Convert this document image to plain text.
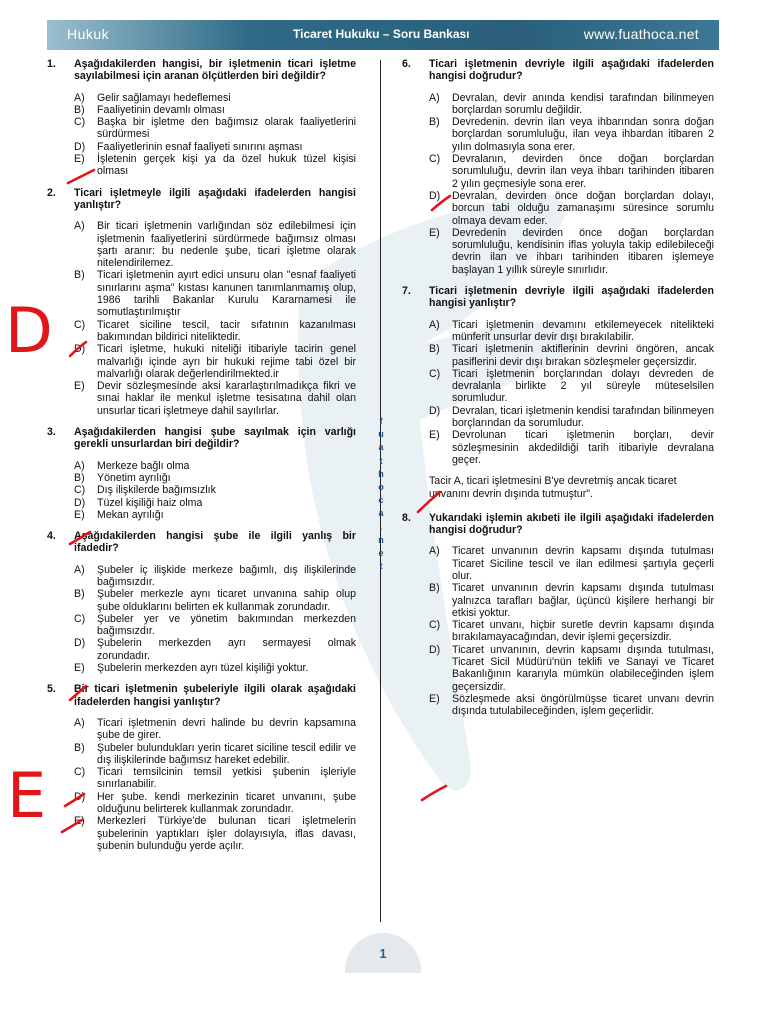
Hukuk	Ticaret Hukuku – Soru Bankası	www.fuathoca.net
1.	Aşağıdakilerden hangisi, bir işletmenin ticari işletme sayılabilmesi için aranan ölçütlerden biri değildir?
A)	Gelir sağlamayı hedeflemesi
B)	Faaliyetinin devamlı olması
C)	Başka bir işletme den bağımsız olarak faaliyetlerini sürdürmesi
D)	Faaliyetlerinin esnaf faaliyeti sınırını aşması
E)	İşletenin gerçek kişi ya da özel hukuk tüzel kişisi olması
2.	Ticari işletmeyle ilgili aşağıdaki ifadelerden hangisi yanlıştır?
A)	Bir ticari işletmenin varlığından söz edilebilmesi için işletmenin faaliyetlerini sürdürmede bağımsız olması şartı aranır: bu nedenle şube, ticari işletme olarak nitelendirilemez.
B)	Ticari işletmenin ayırt edici unsuru olan "esnaf faaliyeti sınırlarını aşma" kıstası kanunen tanımlanmamış olup, 1986 tarihli Bakanlar Kurulu Kararnamesi ile somutlaştırılmıştır
C)	Ticaret siciline tescil, tacir sıfatının kazanılması bakımından bildirici niteliktedir.
D)	Ticari işletme, hukuki niteliği itibariyle tacirin genel malvarlığı içinde ayrı bir hukuki rejime tabi özel bir malvarlığı olarak değerlendirilmekted.ir
E)	Devir sözleşmesinde aksi kararlaştırılmadıkça fikri ve sınai haklar ile menkul işletme tesisatına dahil olan unsurlar ticari işletmeye dahil sayılırlar.
3.	Aşağıdakilerden hangisi şube sayılmak için varlığı gerekli unsurlardan biri değildir?
A)	Merkeze bağlı olma
B)	Yönetim ayrılığı
C)	Dış ilişkilerde bağımsızlık
D)	Tüzel kişiliği haiz olma
E)	Mekan ayrılığı
4.	Aşağıdakilerden hangisi şube ile ilgili yanlış bir ifadedir?
A)	Şubeler iç ilişkide merkeze bağımlı, dış ilişkilerinde bağımsızdır.
B)	Şubeler merkezle aynı ticaret unvanına sahip olup şube olduklarını belirten ek kullanmak zorundadır.
C)	Şubeler yer ve yönetim bakımından merkezden bağımsızdır.
D)	Şubelerin merkezden ayrı sermayesi olmak zorundadır.
E)	Şubelerin merkezden ayrı tüzel kişiliği yoktur.
5.	Bir ticari işletmenin şubeleriyle ilgili olarak aşağıdaki ifadelerden hangisi yanlıştır?
A)	Ticari işletmenin devri halinde bu devrin kapsamına şube de girer.
B)	Şubeler bulundukları yerin ticaret siciline tescil edilir ve dış ilişkilerinde bağımsız hareket edebilir.
C)	Ticari temsilcinin temsil yetkisi şubenin işleriyle sınırlanabilir.
D)	Her şube. kendi merkezinin ticaret unvanını, şube olduğunu belirterek kullanmak zorundadır.
E)	Merkezleri Türkiye'de bulunan ticari işletmelerin şubelerinin yaptıkları işler dolayısıyla, iflas davası, şubenin bulunduğu yerde açılır.
f
u
a
t
h
o
c
a
.
n
e
t
6.	Ticari işletmenin devriyle ilgili aşağıdaki ifadelerden hangisi doğrudur?
A)	Devralan, devir anında kendisi tarafından bilinmeyen borçlardan sorumlu değildir.
B)	Devredenin. devrin ilan veya ihbarından sonra doğan borçlardan sorumluluğu, ilan veya ihbardan itibaren 2 yılın dolmasıyla sona erer.
C)	Devralanın, devirden önce doğan borçlardan sorumluluğu, devrin ilan veya ihbarı tarihinden itibaren 2 yılın geçmesiyle sona erer.
D)	Devralan, devirden önce doğan borçlardan dolayı, borcun tabi olduğu zamanaşımı süresince sorumlu olmaya devam eder.
E)	Devredenin devirden önce doğan borçlardan sorumluluğu, kendisinin iflas yoluyla takip edilebileceği devrin ilan ve ihbarı tarihinden itibaren işlemeye başlayan 1 yıllık süreyle sınırlıdır.
7.	Ticari işletmenin devriyle ilgili aşağıdaki ifadelerden hangisi yanlıştır?
A)	Ticari işletmenin devamını etkilemeyecek nitelikteki münferit unsurlar devir dışı bırakılabilir.
B)	Ticari işletmenin aktiflerinin devrini öngören, ancak pasiflerini devir dışı bırakan sözleşmeler geçersizdir.
C)	Ticari işletmenin borçlarından dolayı devreden de devralanla birlikte 2 yıl süreyle müteselsilen sorumludur.
D)	Devralan, ticari işletmenin kendisi tarafından bilinmeyen borçlarından da sorumludur.
E)	Devrolunan ticari işletmenin borçları, devir sözleşmesinin akdedildiği tarih itibariyle devralana geçer.
Tacir A, ticari işletmesini B'ye devretmiş ancak ticaret unvanını devrin dışında tutmuştur".
8.	Yukarıdaki işlemin akıbeti ile ilgili aşağıdaki ifadelerden hangisi doğrudur?
A)	Ticaret unvanının devrin kapsamı dışında tutulması Ticaret Siciline tescil ve ilan edilmesi şartıyla geçerli olur.
B)	Ticaret unvanının devrin kapsamı dışında tutulması yalnızca tarafları bağlar, üçüncü kişilere herhangi bir etkisi yoktur.
C)	Ticaret unvanı, hiçbir suretle devrin kapsamı dışında bırakılamayacağından, devir işlemi geçersizdir.
D)	Ticaret unvanının, devrin kapsamı dışında tutulması, Ticaret Sicil Müdürü'nün teklifi ve Sanayi ve Ticaret Bakanlığının kararıyla mümkün olabileceğinden işlem geçersizdir.
E)	Sözleşmede aksi öngörülmüşse ticaret unvanı devrin dışında tutulabileceğinden, işlem geçerlidir.
1
D
E
